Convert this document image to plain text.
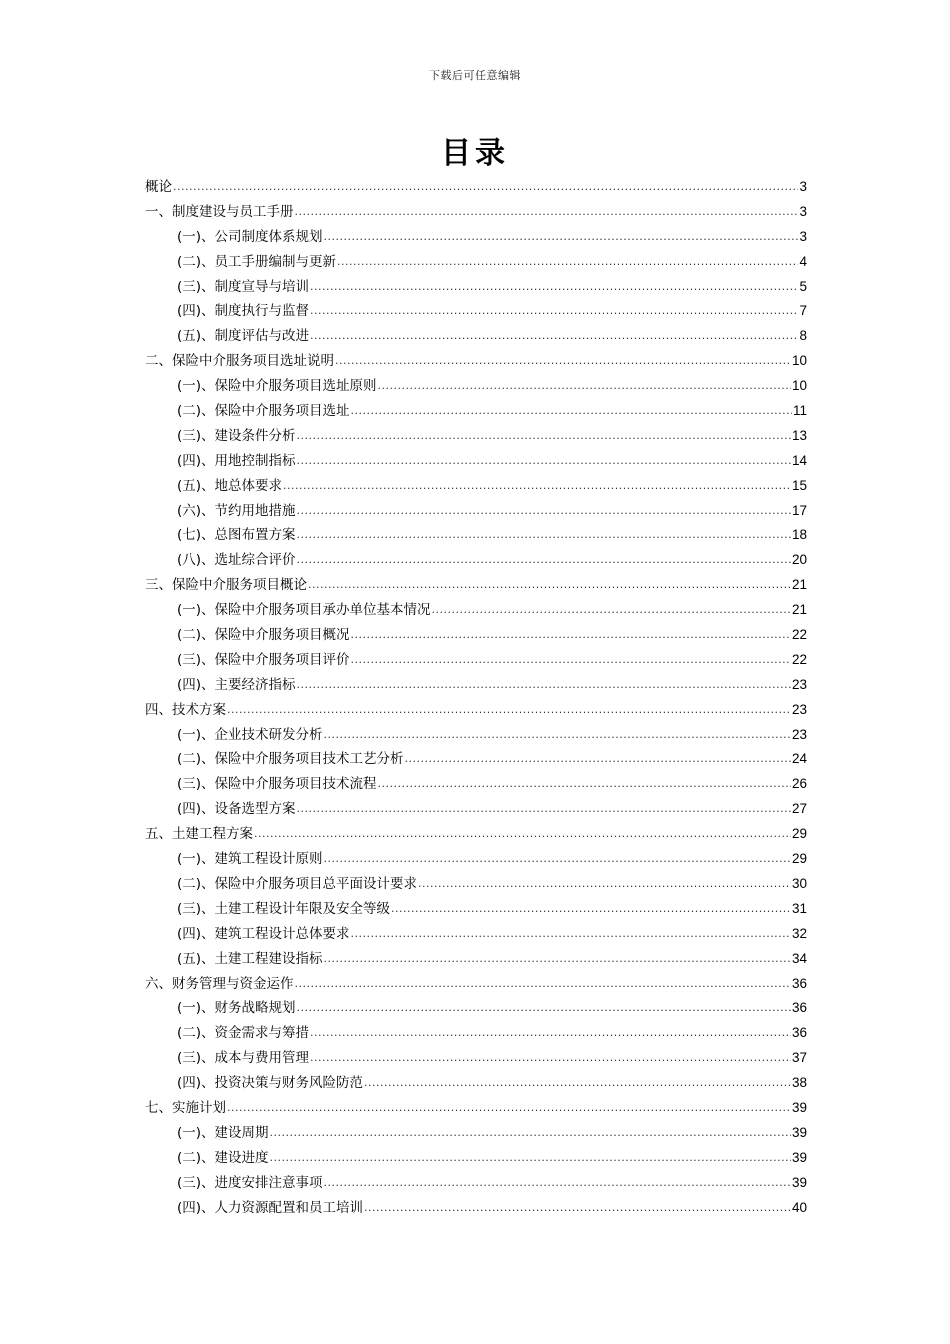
下载后可任意编辑
目录
概论 .....	3
一、制度建设与员工手册 .....	3
(一)、公司制度体系规划 .....	3
(二)、员工手册编制与更新 .....	4
(三)、制度宣导与培训 .....	5
(四)、制度执行与监督 .....	7
(五)、制度评估与改进 .....	8
二、保险中介服务项目选址说明 .....	10
(一)、保险中介服务项目选址原则 .....	10
(二)、保险中介服务项目选址 .....	11
(三)、建设条件分析 .....	13
(四)、用地控制指标 .....	14
(五)、地总体要求 .....	15
(六)、节约用地措施 .....	17
(七)、总图布置方案 .....	18
(八)、选址综合评价 .....	20
三、保险中介服务项目概论 .....	21
(一)、保险中介服务项目承办单位基本情况 .....	21
(二)、保险中介服务项目概况 .....	22
(三)、保险中介服务项目评价 .....	22
(四)、主要经济指标 .....	23
四、技术方案 .....	23
(一)、企业技术研发分析 .....	23
(二)、保险中介服务项目技术工艺分析 .....	24
(三)、保险中介服务项目技术流程 .....	26
(四)、设备选型方案 .....	27
五、土建工程方案 .....	29
(一)、建筑工程设计原则 .....	29
(二)、保险中介服务项目总平面设计要求 .....	30
(三)、土建工程设计年限及安全等级 .....	31
(四)、建筑工程设计总体要求 .....	32
(五)、土建工程建设指标 .....	34
六、财务管理与资金运作 .....	36
(一)、财务战略规划 .....	36
(二)、资金需求与筹措 .....	36
(三)、成本与费用管理 .....	37
(四)、投资决策与财务风险防范 .....	38
七、实施计划 .....	39
(一)、建设周期 .....	39
(二)、建设进度 .....	39
(三)、进度安排注意事项 .....	39
(四)、人力资源配置和员工培训 .....	40
